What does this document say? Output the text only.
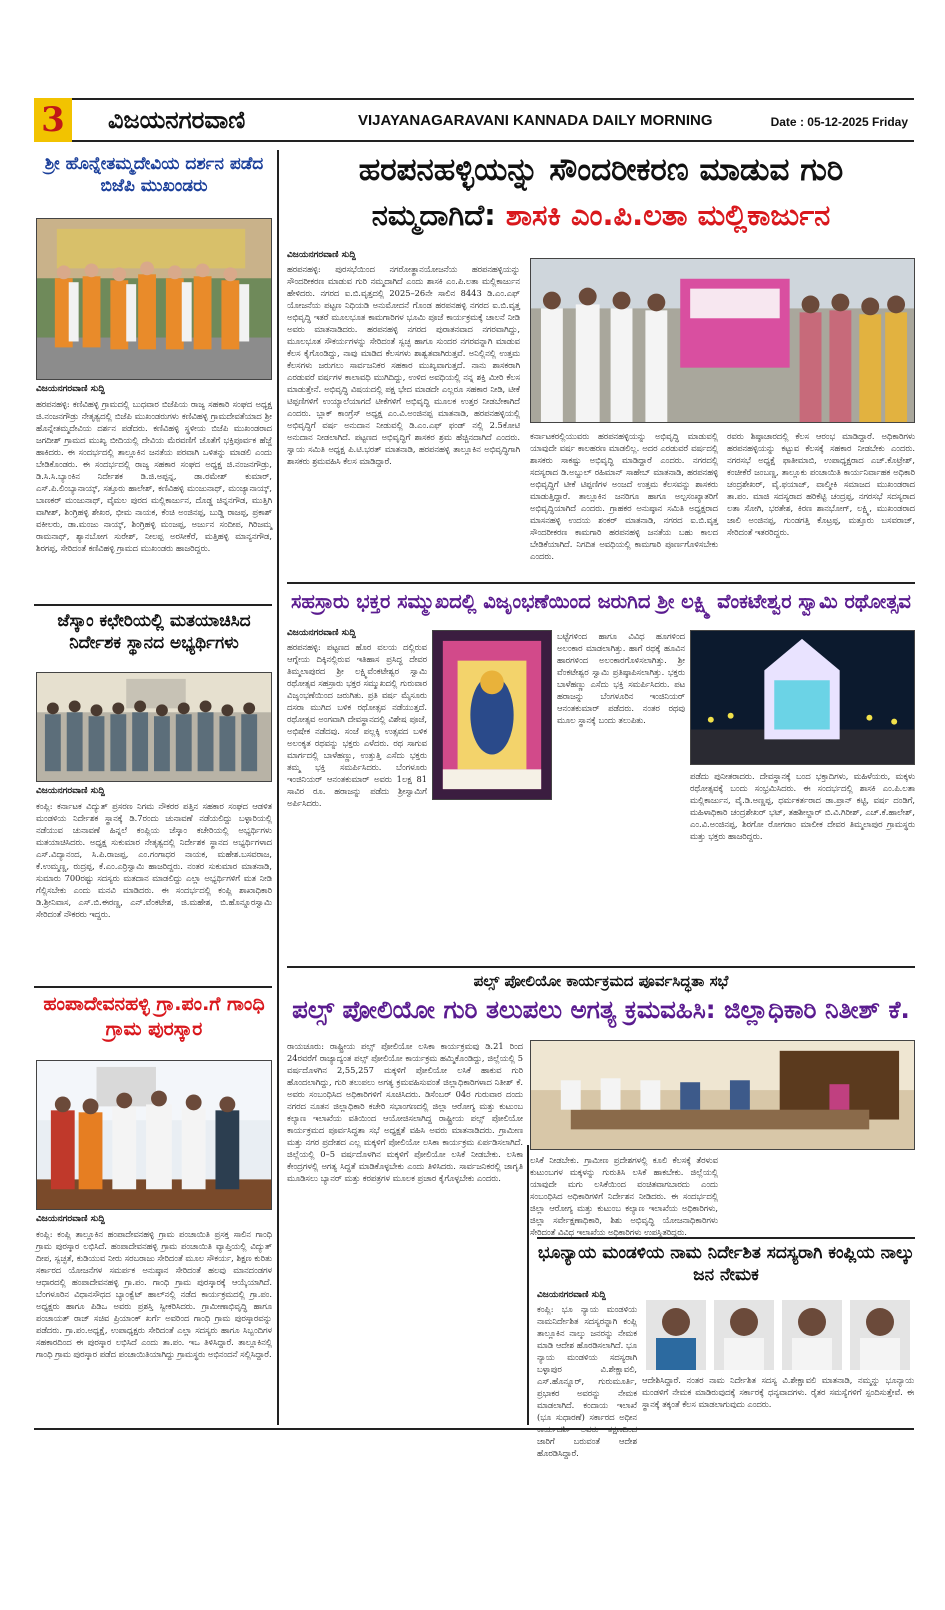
3 ವಿಜಯನಗರವಾಣಿ	VIJAYANAGARAVANI KANNADA DAILY MORNING	Date : 05-12-2025 Friday
ಶ್ರೀ ಹೊನ್ನೇತಮ್ಮದೇವಿಯ ದರ್ಶನ ಪಡೆದ ಬಿಜೆಪಿ ಮುಖಂಡರು
ವಿಜಯನಗರವಾಣಿ ಸುದ್ದಿ
ಹರಪನಹಳ್ಳಿ: ಕಣಿವಿಹಳ್ಳಿ ಗ್ರಾಮದಲ್ಲಿ ಬುಧವಾರ ಬಿಜೆಪಿಯ ರಾಜ್ಯ ಸಹಕಾರಿ ಸಂಘದ ಅಧ್ಯಕ್ಷ ಜಿ.ನಂಜನಗೌಡ್ರು ನೇತೃತ್ವದಲ್ಲಿ ಬಿಜೆಪಿ ಮುಖಂಡರುಗಳು ಕಣಿವಿಹಳ್ಳಿ ಗ್ರಾಮದೇವತೆಯಾದ ಶ್ರೀ ಹೊನ್ನೇತಮ್ಮದೇವಿಯ ದರ್ಶನ ಪಡೆದರು. ಕಣಿವಿಹಳ್ಳಿ ಸ್ಥಳೀಯ ಬಿಜೆಪಿ ಮುಖಂಡರಾದ ಜಗದೀಶ್ ಗ್ರಾಮದ ಮುಖ್ಯ ಬೀದಿಯಲ್ಲಿ ದೇವಿಯ ಮೆರವಣಿಗೆ ಜೊತೆಗೆ ಭಕ್ತಿಪೂರ್ವಕ ಹೆಜ್ಜೆ ಹಾಕಿದರು. ಈ ಸಂದರ್ಭದಲ್ಲಿ ತಾಲ್ಲೂಕಿನ ಜನತೆಯ ಪರವಾಗಿ ಒಳಿತನ್ನು ಮಾಡಲಿ ಎಂದು ಬೇಡಿಕೊಂಡರು. ಈ ಸಂದರ್ಭದಲ್ಲಿ ರಾಜ್ಯ ಸಹಕಾರ ಸಂಘದ ಅಧ್ಯಕ್ಷ ಜಿ.ನಂಜನಗೌಡ್ರು, ಡಿ.ಸಿ.ಸಿ.ಬ್ಯಾಂಕಿನ ನಿರ್ದೇಶಕ ಡಿ.ಜಿ.ಅಪ್ಪನ್ನ, ಡಾ.ರಮೇಶ್ ಕುಮಾರ್, ಎಸ್.ಪಿ.ಲಿಂಬ್ಯಾನಾಯ್ಕ್, ಸತ್ತೂರು ಹಾಲೇಶ್, ಕಣಿವಿಹಳ್ಳಿ ಮಂಜುನಾಥ್, ಮಂಜ್ಯಾನಾಯ್ಕ್, ಬಾಣಕರ್ ಮಂಜುನಾಥ್, ವೈಮಲ ಪುರದ ಮಲ್ಲಿಕಾರ್ಜುನ, ದೊಡ್ಡ ಚಿನ್ನನಗೌಡ, ಮುತ್ತಿಗಿ ವಾಗೀಶ್, ಶಿಂಗ್ರಿಹಳ್ಳಿ ಶೇಖರ, ಭೀಮ ನಾಯಕ, ಕೆಂಚಿ ಅಂಜಿನಪ್ಪ, ಬುಡ್ಡಿ ರಾಜಪ್ಪ, ಪ್ರಕಾಶ್ ವಕೀಲರು, ಡಾ.ಮಂಜು ನಾಯ್ಕ್, ಶಿಂಗ್ರಿಹಳ್ಳಿ ಮಂಜಪ್ಪ, ಅರ್ಜುನ ಸಂದೀಪ, ಗಿರಿಜಮ್ಮ ರಾಮನಾಥ್, ಶ್ಯಾನಬೋಗ ಸುರೇಶ್, ನೀಲಪ್ಪ ಅರಸೀಕೆರೆ, ಮತ್ತಿಹಳ್ಳಿ ಮಾನ್ಯನಗೌಡ, ಶಿರಗಪ್ಪ, ಸೇರಿದಂತೆ ಕಣಿವಿಹಳ್ಳಿ ಗ್ರಾಮದ ಮುಖಂಡರು ಹಾಜರಿದ್ದರು.
ಹರಪನಹಳ್ಳಿಯನ್ನು ಸೌಂದರೀಕರಣ ಮಾಡುವ ಗುರಿ
ನಮ್ಮದಾಗಿದೆ: ಶಾಸಕಿ ಎಂ.ಪಿ.ಲತಾ ಮಲ್ಲಿಕಾರ್ಜುನ
ವಿಜಯನಗರವಾಣಿ ಸುದ್ದಿ
ಹರಪನಹಳ್ಳಿ: ಪುರಸಭೆಯಿಂದ ನಗರೋತ್ಥಾನಯೋಜನೆಯ ಹರಪನಹಳ್ಳಿಯನ್ನು ಸೌಂದರೀಕರಣ ಮಾಡುವ ಗುರಿ ನಮ್ಮದಾಗಿದೆ ಎಂದು ಶಾಸಕಿ ಎಂ.ಪಿ.ಲತಾ ಮಲ್ಲಿಕಾರ್ಜುನ ಹೇಳಿದರು. ನಗರದ ಐ.ಬಿ.ವೃತ್ತದಲ್ಲಿ 2025–26ನೇ ಸಾಲಿನ 8443 ಡಿ.ಎಂ.ಎಫ್ ಯೋಜನೆಯ ಪಟ್ಟಣ ನಿಧಿಯಡಿ ಅನುಮೋದನೆ ಗೊಂಡ ಹರಪನಹಳ್ಳಿ ನಗರದ ಐ.ಬಿ.ವೃತ್ತ ಅಭಿವೃದ್ಧಿ ಇತರೆ ಮೂಲಭೂತ ಕಾಮಗಾರಿಗಳ ಭೂಮಿ ಪೂಜೆ ಕಾರ್ಯಕ್ರಮಕ್ಕೆ ಚಾಲನೆ ನೀಡಿ ಅವರು ಮಾತನಾಡಿದರು. ಹರಪನಹಳ್ಳಿ ನಗರದ ಪುರಾತನವಾದ ನಗರವಾಗಿದ್ದು, ಮೂಲಭೂತ ಸೌಕರ್ಯಗಳನ್ನು ಸೇರಿದಂತೆ ಸ್ವಚ್ಛ ಹಾಗೂ ಸುಂದರ ನಗರವನ್ನಾಗಿ ಮಾಡುವ ಕೆಲಸ ಕೈಗೊಂಡಿದ್ದು, ನಾವು ಮಾಡಿದ ಕೆಲಸಗಳು ಶಾಶ್ವತವಾಗಿರುತ್ತವೆ. ಅನಿಲ್ಲಿನಲ್ಲಿ ಉತ್ತಮ ಕೆಲಸಗಳು ಜರುಗಲು ಸಾರ್ವಜನಿಕರ ಸಹಕಾರ ಮುಖ್ಯವಾಗುತ್ತದೆ. ನಾನು ಶಾಸಕರಾಗಿ ಎರಡುವರೆ ವರ್ಷಗಳ ಕಾಲಾವಧಿ ಮುಗಿದಿದ್ದು, ಉಳಿದ ಅವಧಿಯಲ್ಲಿ ನನ್ನ ಶಕ್ತಿ ಮೀರಿ ಕೆಲಸ ಮಾಡುತ್ತೇನೆ. ಅಭಿವೃದ್ಧಿ ವಿಷಯದಲ್ಲಿ ಪಕ್ಷ ಭೇದ ಮಾಡದೇ ಎಲ್ಲರೂ ಸಹಕಾರ ನೀಡಿ, ಟೀಕೆ ಟಿಪ್ಪಣಿಗಳಿಗೆ ಉಯ್ಯಾಲೆಯಾಗದೆ ಟೀಕೆಗಳಿಗೆ ಅಭಿವೃದ್ಧಿ ಮೂಲಕ ಉತ್ತರ ನೀಡಬೇಕಾಗಿದೆ ಎಂದರು. ಬ್ಲಾಕ್ ಕಾಂಗ್ರೆಸ್ ಅಧ್ಯಕ್ಷ ಎಂ.ವಿ.ಅಂಜಿನಪ್ಪ ಮಾತನಾಡಿ, ಹರಪನಹಳ್ಳಿಯಲ್ಲಿ ಅಭಿವೃದ್ಧಿಗೆ ವರ್ಷ ಅನುದಾನ ನೀಡುವಲ್ಲಿ ಡಿ.ಎಂ.ಎಫ್ ಫಂಡ್ ನಲ್ಲಿ 2.5ಕೋಟಿ ಅನುದಾನ ನೀಡಲಾಗಿದೆ. ಪಟ್ಟಣದ ಅಭಿವೃದ್ಧಿಗೆ ಶಾಸಕರ ಶ್ರಮ ಹೆಚ್ಚಿನದಾಗಿದೆ ಎಂದರು. ಸ್ವಾಯ ಸಮಿತಿ ಅಧ್ಯಕ್ಷ ಪಿ.ಟಿ.ಭರತ್ ಮಾತನಾಡಿ, ಹರಪನಹಳ್ಳಿ ತಾಲ್ಲೂಕಿನ ಅಭಿವೃದ್ಧಿಗಾಗಿ ಶಾಸಕರು ಶ್ರಮವಹಿಸಿ ಕೆಲಸ ಮಾಡಿದ್ದಾರೆ.
ಕರ್ನಾಟಕರಲ್ಲಿಯುವರು ಹರಪನಹಳ್ಳಿಯನ್ನು ಅಭಿವೃದ್ಧಿ ಮಾಡುವಲ್ಲಿ ಯಾವುದೇ ವರ್ಷ ಕಾಲಹರಣ ಮಾಡಲಿಲ್ಲ. ಅದರ ಎರಡುವರೆ ವರ್ಷದಲ್ಲಿ ಶಾಸಕರು ಸಾಕಷ್ಟು ಅಭಿವೃದ್ಧಿ ಮಾಡಿದ್ದಾರೆ ಎಂದರು. ನಗರದಲ್ಲಿ ಸದಸ್ಯರಾದ ಡಿ.ಅಬ್ದುಲ್ ರಹಿಮಾನ್ ಸಾಹೇಬ್ ಮಾತನಾಡಿ, ಹರಪನಹಳ್ಳಿ ಅಭಿವೃದ್ಧಿಗೆ ಟೀಕೆ ಟಿಪ್ಪಣಿಗಳ ಅಂಜದೆ ಉತ್ತಮ ಕೆಲಸವನ್ನು ಶಾಸಕರು ಮಾಡುತ್ತಿದ್ದಾರೆ. ತಾಲ್ಲೂಕಿನ ಜನರಿಗೂ ಹಾಗೂ ಅಲ್ಪಸಂಖ್ಯಾತರಿಗೆ ಅಭಿವೃದ್ಧಿಯಾಗಿದೆ ಎಂದರು. ಗ್ರಾಹಕರ ಅನುಷ್ಠಾನ ಸಮಿತಿ ಅಧ್ಯಕ್ಷರಾದ ಮಾಸನಹಳ್ಳಿ ಉದಯ ಶಂಕರ್ ಮಾತನಾಡಿ, ನಗರದ ಐ.ಬಿ.ವೃತ್ತ ಸೌಂದರೀಕರಣ ಕಾಮಗಾರಿ ಹರಪನಹಳ್ಳಿ ಜನತೆಯ ಬಹು ಕಾಲದ ಬೇಡಿಕೆಯಾಗಿದೆ. ನಿಗದಿತ ಅವಧಿಯಲ್ಲಿ ಕಾಮಗಾರಿ ಪೂರ್ಣಗೊಳಿಸಬೇಕು ಎಂದರು.
ರವರು ಶಿಷ್ಠಾಚಾರದಲ್ಲಿ ಕೆಲಸ ಆರಂಭ ಮಾಡಿದ್ದಾರೆ. ಅಧಿಕಾರಿಗಳು ಹರಪನಹಳ್ಳಿಯನ್ನು ಕಟ್ಟುವ ಕೆಲಸಕ್ಕೆ ಸಹಕಾರ ನೀಡಬೇಕು ಎಂದರು. ನಗರಸಭೆ ಅಧ್ಯಕ್ಷೆ ಫಾತೀಮಾಬಿ, ಉಪಾಧ್ಯಕ್ಷರಾದ ಎಚ್.ಕೊಟ್ರೇಶ್, ಕಂಚೀಕೆರೆ ಜಂಬಣ್ಣ, ತಾಲ್ಲೂಕು ಪಂಚಾಯಿತಿ ಕಾರ್ಯನಿರ್ವಾಹಕ ಅಧಿಕಾರಿ ಚಂದ್ರಶೇಖರ್, ವೈ.ಫಯಾಜ್, ವಾಲ್ಮೀಕಿ ಸಮಾಜದ ಮುಖಂಡರಾದ ತಾ.ಪಂ. ಮಾಜಿ ಸದಸ್ಯರಾದ ಹರಿಕೆಟ್ಟಿ ಚಂದ್ರಪ್ಪ, ನಗರಸಭೆ ಸದಸ್ಯರಾದ ಲತಾ ಸೋಗಿ, ಭರತೇಶ, ಕಿರಣ ಶಾನಭೋಗ್, ಲಕ್ಷ್ಮಿ, ಮುಖಂಡರಾದ ಜಾಲಿ ಅಂಜಿನಪ್ಪ, ಗುಂಡಗತ್ತಿ ಕೊಟ್ರಪ್ಪ, ಮತ್ತೂರು ಬಸವರಾಜ್, ಸೇರಿದಂತೆ ಇತರರಿದ್ದರು.
ಜೆಸ್ಕಾಂ ಕಛೇರಿಯಲ್ಲಿ ಮತಯಾಚಿಸಿದ ನಿರ್ದೇಶಕ ಸ್ಥಾನದ ಅಭ್ಯರ್ಥಿಗಳು
ವಿಜಯನಗರವಾಣಿ ಸುದ್ದಿ
ಕಂಪ್ಲಿ: ಕರ್ನಾಟಕ ವಿದ್ಯುತ್ ಪ್ರಸರಣ ನಿಗಮ ನೌಕರರ ಪತ್ತಿನ ಸಹಕಾರ ಸಂಘದ ಆಡಳಿತ ಮಂಡಳಿಯ ನಿರ್ದೇಶಕ ಸ್ಥಾನಕ್ಕೆ ಡಿ.7ರಂದು ಚುನಾವಣೆ ನಡೆಯಲಿದ್ದು ಬಳ್ಳಾರಿಯಲ್ಲಿ ನಡೆಯುವ ಚುನಾವಣೆ ಹಿನ್ನಲೆ ಕಂಪ್ಲಿಯ ಜೆಸ್ಕಾಂ ಕಚೇರಿಯಲ್ಲಿ ಅಭ್ಯರ್ಥಿಗಳು ಮತಯಾಚಿಸಿದರು. ಅಧ್ಯಕ್ಷ ಸುಕುಮಾರ ನೇತೃತ್ವದಲ್ಲಿ ನಿರ್ದೇಶಕ ಸ್ಥಾನದ ಅಭ್ಯರ್ಥಿಗಳಾದ ಎಸ್.ವಿದ್ಯಾನಂದ, ಸಿ.ಪಿ.ರಾಜಪ್ಪ, ಎಂ.ಗಂಗಾಧರ ನಾಯಕ, ಮಹೇಶ.ಬಸವರಾಜ, ಕೆ.ಉಮ್ಮಣ್ಣ, ರುದ್ರಪ್ಪ, ಕೆ.ಎಂ.ಎರ್ರಿಸ್ವಾಮಿ ಹಾಜರಿದ್ದರು. ನಂತರ ಸುಕುಮಾರ ಮಾತನಾಡಿ, ಸುಮಾರು 700ರಷ್ಟು ಸದಸ್ಯರು ಮತದಾನ ಮಾಡಲಿದ್ದು ಎಲ್ಲಾ ಅಭ್ಯರ್ಥಿಗಳಿಗೆ ಮತ ನೀಡಿ ಗೆಲ್ಲಿಸಬೇಕು ಎಂದು ಮನವಿ ಮಾಡಿದರು. ಈ ಸಂದರ್ಭದಲ್ಲಿ ಕಂಪ್ಲಿ ಶಾಖಾಧಿಕಾರಿ ಡಿ.ಶ್ರೀನಿವಾಸ, ಎಸ್.ಬಿ.ಈರಣ್ಣ, ಎನ್.ವೆಂಕಟೇಶ, ಜಿ.ಮಹೇಶ, ಬಿ.ಹೊನ್ನೂರಸ್ವಾಮಿ ಸೇರಿದಂತೆ ನೌಕರರು ಇದ್ದರು.
ಸಹಸ್ರಾರು ಭಕ್ತರ ಸಮ್ಮುಖದಲ್ಲಿ ವಿಜೃಂಭಣೆಯಿಂದ ಜರುಗಿದ ಶ್ರೀ ಲಕ್ಷ್ಮಿ ವೆಂಕಟೇಶ್ವರ ಸ್ವಾಮಿ ರಥೋತ್ಸವ
ವಿಜಯನಗರವಾಣಿ ಸುದ್ದಿ
ಹರಪನಹಳ್ಳಿ: ಪಟ್ಟಣದ ಹೊರ ವಲಯ ದಲ್ಲಿರುವ ಆಗ್ನೇಯ ದಿಕ್ಕಿನಲ್ಲಿರುವ ಇತಿಹಾಸ ಪ್ರಸಿದ್ಧ ದೇವರ ತಿಮ್ಮಲಾಪುರದ ಶ್ರೀ ಲಕ್ಷ್ಮಿವೆಂಕಟೇಶ್ವರ ಸ್ವಾಮಿ ರಥೋತ್ಸವ ಸಹಸ್ರಾರು ಭಕ್ತರ ಸಮ್ಮುಖದಲ್ಲಿ ಗುರುವಾರ ವಿಜೃಂಭಣೆಯಿಂದ ಜರುಗಿತು. ಪ್ರತಿ ವರ್ಷ ಮೈಸೂರು ದಸರಾ ಮುಗಿದ ಬಳಿಕ ರಥೋತ್ಸವ ನಡೆಯುತ್ತದೆ. ರಥೋತ್ಸವ ಅಂಗವಾಗಿ ದೇವಸ್ಥಾನದಲ್ಲಿ ವಿಶೇಷ ಪೂಜೆ, ಅಭಿಷೇಕ ನಡೆದವು. ಸಂಜೆ ಪಲ್ಲಕ್ಕಿ ಉತ್ಸವದ ಬಳಿಕ ಅಲಂಕೃತ ರಥವನ್ನು ಭಕ್ತರು ಎಳೆದರು. ರಥ ಸಾಗುವ ಮಾರ್ಗದಲ್ಲಿ ಬಾಳೆಹಣ್ಣು, ಉತ್ತುತ್ತಿ ಎಸೆದು ಭಕ್ತರು ತಮ್ಮ ಭಕ್ತಿ ಸಮರ್ಪಿಸಿದರು. ಬೆಂಗಳೂರು ಇಂಜಿನಿಯರ್ ಆನಂತಕುಮಾರ್ ಅವರು 1ಲಕ್ಷ 81 ಸಾವಿರ ರೂ. ಹರಾಜನ್ನು ಪಡೆದು ಶ್ರೀಸ್ವಾಮಿಗೆ ಅರ್ಪಿಸಿದರು.
ಬಟ್ಟೆಗಳಿಂದ ಹಾಗೂ ವಿವಿಧ ಹೂಗಳಿಂದ ಅಲಂಕಾರ ಮಾಡಲಾಗಿತ್ತು. ಹಾಗೆ ರಥಕ್ಕೆ ಹೂವಿನ ಹಾರಗಳಿಂದ ಅಲಂಕಾರಗೊಳಿಸಲಾಗಿತ್ತು. ಶ್ರೀ ವೆಂಕಟೇಶ್ವರ ಸ್ವಾಮಿ ಪ್ರತಿಷ್ಠಾಪಿಸಲಾಗಿತ್ತು. ಭಕ್ತರು ಬಾಳೆಹಣ್ಣು ಎಸೆದು ಭಕ್ತಿ ಸಮರ್ಪಿಸಿದರು. ಪಟ ಹರಾಜನ್ನು ಬೆಂಗಳೂರಿನ ಇಂಜಿನಿಯರ್ ಆನಂತಕುಮಾರ್ ಪಡೆದರು. ನಂತರ ರಥವು ಮೂಲ ಸ್ಥಾನಕ್ಕೆ ಬಂದು ತಲುಪಿತು.
ಪಡೆದು ಪುನೀತರಾದರು. ದೇವಸ್ಥಾನಕ್ಕೆ ಬಂದ ಭಕ್ತಾದಿಗಳು, ಮಹಿಳೆಯರು, ಮಕ್ಕಳು ರಥೋತ್ಸವಕ್ಕೆ ಬಂದು ಸಂಭ್ರಮಿಸಿದರು. ಈ ಸಂದರ್ಭದಲ್ಲಿ ಶಾಸಕಿ ಎಂ.ಪಿ.ಲತಾ ಮಲ್ಲಿಕಾರ್ಜುನ, ವೈ.ಡಿ.ಅಣ್ಣಪ್ಪ, ಧರ್ಮಕರ್ತರಾದ ಡಾ.ಪ್ರಾನ್ ಕಟ್ಟಿ, ವರ್ಷ ದಂಡಿಗೆ, ಮಹಿಳಾಧಿಕಾರಿ ಚಂದ್ರಶೇಖರ್ ಭಟ್, ತಹಶೀಲ್ದಾರ್ ಬಿ.ವಿ.ಗಿರೀಶ್, ಎಚ್.ಕೆ.ಹಾಲೇಶ್, ಎಂ.ವಿ.ಅಂಜಿನಪ್ಪ, ಶಿರಗೋ ರೋಗರಾಂ ಮಾಲೀಕ ದೇವರ ತಿಮ್ಮಲಾಪುರ ಗ್ರಾಮಸ್ಥರು ಮತ್ತು ಭಕ್ತರು ಹಾಜರಿದ್ದರು.
ಹಂಪಾದೇವನಹಳ್ಳಿ ಗ್ರಾ.ಪಂ.ಗೆ ಗಾಂಧಿ ಗ್ರಾಮ ಪುರಸ್ಕಾರ
ವಿಜಯನಗರವಾಣಿ ಸುದ್ದಿ
ಕಂಪ್ಲಿ: ಕಂಪ್ಲಿ ತಾಲ್ಲೂಕಿನ ಹಂಪಾದೇವನಹಳ್ಳಿ ಗ್ರಾಮ ಪಂಚಾಯಿತಿ ಪ್ರಸಕ್ತ ಸಾಲಿನ ಗಾಂಧಿ ಗ್ರಾಮ ಪುರಸ್ಕಾರ ಲಭಿಸಿದೆ. ಹಂಪಾದೇವನಹಳ್ಳಿ ಗ್ರಾಮ ಪಂಚಾಯಿತಿ ವ್ಯಾಪ್ತಿಯಲ್ಲಿ ವಿದ್ಯುತ್ ದೀಪ, ಸ್ವಚ್ಛತೆ, ಕುಡಿಯುವ ನೀರು ಸರಬರಾಜು ಸೇರಿದಂತೆ ಮೂಲ ಸೌಕರ್ಯ, ಶಿಕ್ಷಣ ಕುರಿತು ಸರ್ಕಾರದ ಯೋಜನೆಗಳ ಸಮರ್ಪಕ ಅನುಷ್ಠಾನ ಸೇರಿದಂತೆ ಹಲವು ಮಾನದಂಡಗಳ ಆಧಾರದಲ್ಲಿ ಹಂಪಾದೇವನಹಳ್ಳಿ ಗ್ರಾ.ಪಂ. ಗಾಂಧಿ ಗ್ರಾಮ ಪುರಸ್ಕಾರಕ್ಕೆ ಆಯ್ಕೆಯಾಗಿದೆ. ಬೆಂಗಳೂರಿನ ವಿಧಾನಸೌಧದ ಬ್ಯಾಂಕ್ವೆಟ್ ಹಾಲ್‌ನಲ್ಲಿ ನಡೆದ ಕಾರ್ಯಕ್ರಮದಲ್ಲಿ ಗ್ರಾ.ಪಂ. ಅಧ್ಯಕ್ಷರು ಹಾಗೂ ಪಿಡಿಒ ಅವರು ಪ್ರಶಸ್ತಿ ಸ್ವೀಕರಿಸಿದರು. ಗ್ರಾಮೀಣಾಭಿವೃದ್ಧಿ ಹಾಗೂ ಪಂಚಾಯತ್ ರಾಜ್ ಸಚಿವ ಪ್ರಿಯಾಂಕ್ ಖರ್ಗೆ ಅವರಿಂದ ಗಾಂಧಿ ಗ್ರಾಮ ಪುರಸ್ಕಾರವನ್ನು ಪಡೆದರು. ಗ್ರಾ.ಪಂ.ಅಧ್ಯಕ್ಷೆ, ಉಪಾಧ್ಯಕ್ಷರು ಸೇರಿದಂತೆ ಎಲ್ಲಾ ಸದಸ್ಯರು ಹಾಗೂ ಸಿಬ್ಬಂದಿಗಳ ಸಹಕಾರದಿಂದ ಈ ಪುರಸ್ಕಾರ ಲಭಿಸಿದೆ ಎಂದು ತಾ.ಪಂ. ಇಒ ತಿಳಿಸಿದ್ದಾರೆ. ತಾಲ್ಲೂಕಿನಲ್ಲಿ ಗಾಂಧಿ ಗ್ರಾಮ ಪುರಸ್ಕಾರ ಪಡೆದ ಪಂಚಾಯಿತಿಯಾಗಿದ್ದು ಗ್ರಾಮಸ್ಥರು ಅಭಿನಂದನೆ ಸಲ್ಲಿಸಿದ್ದಾರೆ.
ಪಲ್ಸ್ ಪೋಲಿಯೋ ಕಾರ್ಯಕ್ರಮದ ಪೂರ್ವಸಿದ್ಧತಾ ಸಭೆ
ಪಲ್ಸ್ ಪೋಲಿಯೋ ಗುರಿ ತಲುಪಲು ಅಗತ್ಯ ಕ್ರಮವಹಿಸಿ: ಜಿಲ್ಲಾಧಿಕಾರಿ ನಿತೀಶ್ ಕೆ.
ರಾಯಚೂರು: ರಾಷ್ಟ್ರೀಯ ಪಲ್ಸ್ ಪೋಲಿಯೋ ಲಸಿಕಾ ಕಾರ್ಯಕ್ರಮವು ಡಿ.21 ರಿಂದ 24ರವರೆಗೆ ರಾಜ್ಯಾದ್ಯಂತ ಪಲ್ಸ್ ಪೋಲಿಯೋ ಕಾರ್ಯಕ್ರಮ ಹಮ್ಮಿಕೊಂಡಿದ್ದು, ಜಿಲ್ಲೆಯಲ್ಲಿ 5 ವರ್ಷದೊಳಗಿನ 2,55,257 ಮಕ್ಕಳಿಗೆ ಪೋಲಿಯೋ ಲಸಿಕೆ ಹಾಕುವ ಗುರಿ ಹೊಂದಲಾಗಿದ್ದು, ಗುರಿ ತಲುಪಲು ಅಗತ್ಯ ಕ್ರಮವಹಿಸುವಂತೆ ಜಿಲ್ಲಾಧಿಕಾರಿಗಳಾದ ನಿತೀಶ್ ಕೆ. ಅವರು ಸಂಬಂಧಿಸಿದ ಅಧಿಕಾರಿಗಳಿಗೆ ಸೂಚಿಸಿದರು. ಡಿಸೆಂಬರ್ 04ರ ಗುರುವಾರ ದಂದು ನಗರದ ನೂತನ ಜಿಲ್ಲಾಧಿಕಾರಿ ಕಚೇರಿ ಸಭಾಂಗಣದಲ್ಲಿ ಜಿಲ್ಲಾ ಆರೋಗ್ಯ ಮತ್ತು ಕುಟುಂಬ ಕಲ್ಯಾಣ ಇಲಾಖೆಯ ವತಿಯಿಂದ ಆಯೋಜಿಸಲಾಗಿದ್ದ ರಾಷ್ಟ್ರೀಯ ಪಲ್ಸ್ ಪೋಲಿಯೋ ಕಾರ್ಯಕ್ರಮದ ಪೂರ್ವಸಿದ್ಧತಾ ಸಭೆ ಅಧ್ಯಕ್ಷತೆ ವಹಿಸಿ ಅವರು ಮಾತನಾಡಿದರು. ಗ್ರಾಮೀಣ ಮತ್ತು ನಗರ ಪ್ರದೇಶದ ಎಲ್ಲ ಮಕ್ಕಳಿಗೆ ಪೋಲಿಯೋ ಲಸಿಕಾ ಕಾರ್ಯಕ್ರಮ ಏರ್ಪಡಿಸಲಾಗಿದೆ. ಜಿಲ್ಲೆಯಲ್ಲಿ 0–5 ವರ್ಷದೊಳಗಿನ ಮಕ್ಕಳಿಗೆ ಪೋಲಿಯೋ ಲಸಿಕೆ ನೀಡಬೇಕು. ಲಸಿಕಾ ಕೇಂದ್ರಗಳಲ್ಲಿ ಅಗತ್ಯ ಸಿದ್ಧತೆ ಮಾಡಿಕೊಳ್ಳಬೇಕು ಎಂದು ತಿಳಿಸಿದರು. ಸಾರ್ವಜನಿಕರಲ್ಲಿ ಜಾಗೃತಿ ಮೂಡಿಸಲು ಬ್ಯಾನರ್ ಮತ್ತು ಕರಪತ್ರಗಳ ಮೂಲಕ ಪ್ರಚಾರ ಕೈಗೊಳ್ಳಬೇಕು ಎಂದರು.
ಲಸಿಕೆ ನೀಡಬೇಕು. ಗ್ರಾಮೀಣ ಪ್ರದೇಶಗಳಲ್ಲಿ ಕೂಲಿ ಕೆಲಸಕ್ಕೆ ತೆರಳುವ ಕುಟುಂಬಗಳ ಮಕ್ಕಳನ್ನು ಗುರುತಿಸಿ ಲಸಿಕೆ ಹಾಕಬೇಕು. ಜಿಲ್ಲೆಯಲ್ಲಿ ಯಾವುದೇ ಮಗು ಲಸಿಕೆಯಿಂದ ವಂಚಿತವಾಗಬಾರದು ಎಂದು ಸಂಬಂಧಿಸಿದ ಅಧಿಕಾರಿಗಳಿಗೆ ನಿರ್ದೇಶನ ನೀಡಿದರು. ಈ ಸಂದರ್ಭದಲ್ಲಿ ಜಿಲ್ಲಾ ಆರೋಗ್ಯ ಮತ್ತು ಕುಟುಂಬ ಕಲ್ಯಾಣ ಇಲಾಖೆಯ ಅಧಿಕಾರಿಗಳು, ಜಿಲ್ಲಾ ಸರ್ವೇಕ್ಷಣಾಧಿಕಾರಿ, ಶಿಶು ಅಭಿವೃದ್ಧಿ ಯೋಜನಾಧಿಕಾರಿಗಳು ಸೇರಿದಂತೆ ವಿವಿಧ ಇಲಾಖೆಯ ಅಧಿಕಾರಿಗಳು ಉಪಸ್ಥಿತರಿದ್ದರು.
ಭೂನ್ಯಾಯ ಮಂಡಳಿಯ ನಾಮ ನಿರ್ದೇಶಿತ ಸದಸ್ಯರಾಗಿ ಕಂಪ್ಲಿಯ ನಾಲ್ಕು ಜನ ನೇಮಕ
ವಿಜಯನಗರವಾಣಿ ಸುದ್ದಿ
ಕಂಪ್ಲಿ: ಭೂ ನ್ಯಾಯ ಮಂಡಳಿಯ ನಾಮನಿರ್ದೇಶಿತ ಸದಸ್ಯರನ್ನಾಗಿ ಕಂಪ್ಲಿ ತಾಲ್ಲೂಕಿನ ನಾಲ್ಕು ಜನರನ್ನು ನೇಮಕ ಮಾಡಿ ಆದೇಶ ಹೊರಡಿಸಲಾಗಿದೆ. ಭೂ ನ್ಯಾಯ ಮಂಡಳಿಯ ಸದಸ್ಯರಾಗಿ ಬಳ್ಳಾಪುರ ವಿ.ಶೇಕ್ಷಾವಲಿ, ಎಸ್.ಹೊನ್ನೂರ್, ಗುರುಮೂರ್ತಿ, ಪ್ರಭಾಕರ ಅವರನ್ನು ನೇಮಕ ಮಾಡಲಾಗಿದೆ. ಕಂದಾಯ ಇಲಾಖೆ (ಭೂ ಸುಧಾರಣೆ) ಸರ್ಕಾರದ ಅಧೀನ ಕಾರ್ಯದರ್ಶಿ ಅವರು ತಕ್ಷಣದಿಂದ ಜಾರಿಗೆ ಬರುವಂತೆ ಆದೇಶ ಹೊರಡಿಸಿದ್ದಾರೆ.
ಆದೇಶಿಸಿದ್ದಾರೆ. ನಂತರ ನಾಮ ನಿರ್ದೇಶಿತ ಸದಸ್ಯ ವಿ.ಶೇಕ್ಷಾವಲಿ ಮಾತನಾಡಿ, ನಮ್ಮನ್ನು ಭೂನ್ಯಾಯ ಮಂಡಳಿಗೆ ನೇಮಕ ಮಾಡಿರುವುದಕ್ಕೆ ಸರ್ಕಾರಕ್ಕೆ ಧನ್ಯವಾದಗಳು. ರೈತರ ಸಮಸ್ಯೆಗಳಿಗೆ ಸ್ಪಂದಿಸುತ್ತೇವೆ. ಈ ಸ್ಥಾನಕ್ಕೆ ತಕ್ಕಂತೆ ಕೆಲಸ ಮಾಡಲಾಗುವುದು ಎಂದರು.
